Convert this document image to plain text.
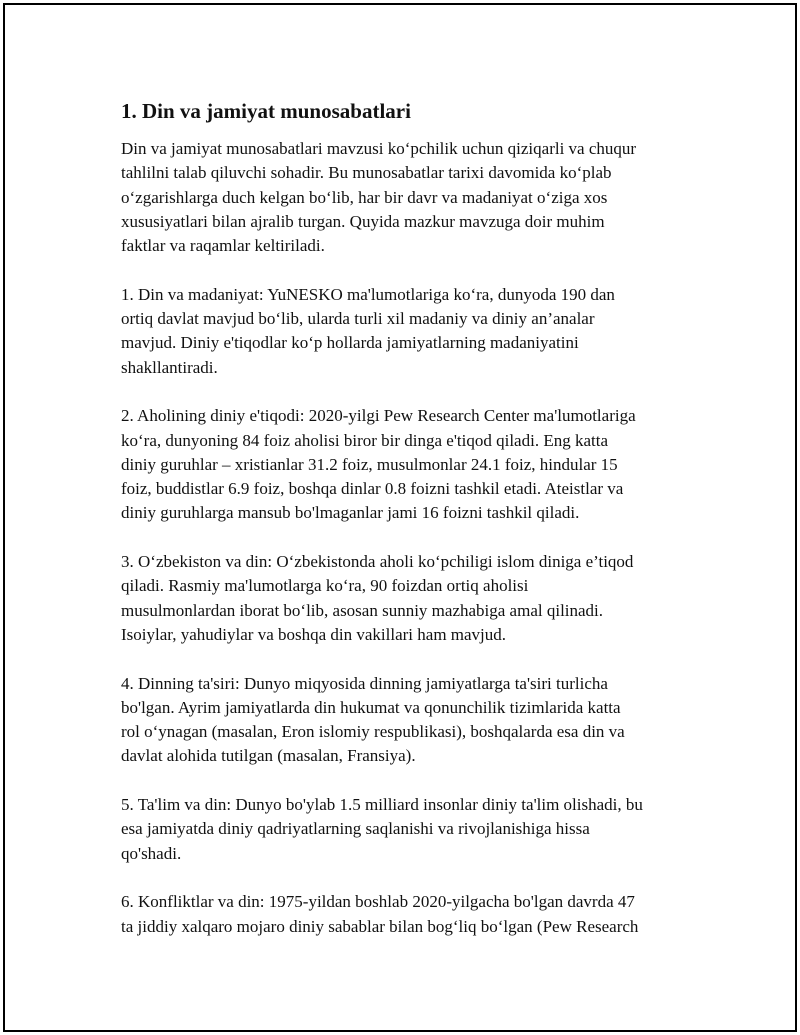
1. Din va jamiyat munosabatlari
Din va jamiyat munosabatlari mavzusi ko‘pchilik uchun qiziqarli va chuqur
tahlilni talab qiluvchi sohadir. Bu munosabatlar tarixi davomida ko‘plab
o‘zgarishlarga duch kelgan bo‘lib, har bir davr va madaniyat o‘ziga xos
xususiyatlari bilan ajralib turgan. Quyida mazkur mavzuga doir muhim
faktlar va raqamlar keltiriladi.
1. Din va madaniyat: YuNESKO ma'lumotlariga ko‘ra, dunyoda 190 dan
ortiq davlat mavjud bo‘lib, ularda turli xil madaniy va diniy an’analar
mavjud. Diniy e'tiqodlar ko‘p hollarda jamiyatlarning madaniyatini
shakllantiradi.
2. Aholining diniy e'tiqodi: 2020-yilgi Pew Research Center ma'lumotlariga
ko‘ra, dunyoning 84 foiz aholisi biror bir dinga e'tiqod qiladi. Eng katta
diniy guruhlar – xristianlar 31.2 foiz, musulmonlar 24.1 foiz, hindular 15
foiz, buddistlar 6.9 foiz, boshqa dinlar 0.8 foizni tashkil etadi. Ateistlar va
diniy guruhlarga mansub bo'lmaganlar jami 16 foizni tashkil qiladi.
3. O‘zbekiston va din: O‘zbekistonda aholi ko‘pchiligi islom diniga e’tiqod
qiladi. Rasmiy ma'lumotlarga ko‘ra, 90 foizdan ortiq aholisi
musulmonlardan iborat bo‘lib, asosan sunniy mazhabiga amal qilinadi.
Isoiylar, yahudiylar va boshqa din vakillari ham mavjud.
4. Dinning ta'siri: Dunyo miqyosida dinning jamiyatlarga ta'siri turlicha
bo'lgan. Ayrim jamiyatlarda din hukumat va qonunchilik tizimlarida katta
rol o‘ynagan (masalan, Eron islomiy respublikasi), boshqalarda esa din va
davlat alohida tutilgan (masalan, Fransiya).
5. Ta'lim va din: Dunyo bo'ylab 1.5 milliard insonlar diniy ta'lim olishadi, bu
esa jamiyatda diniy qadriyatlarning saqlanishi va rivojlanishiga hissa
qo'shadi.
6. Konfliktlar va din: 1975-yildan boshlab 2020-yilgacha bo'lgan davrda 47
ta jiddiy xalqaro mojaro diniy sabablar bilan bog‘liq bo‘lgan (Pew Research
